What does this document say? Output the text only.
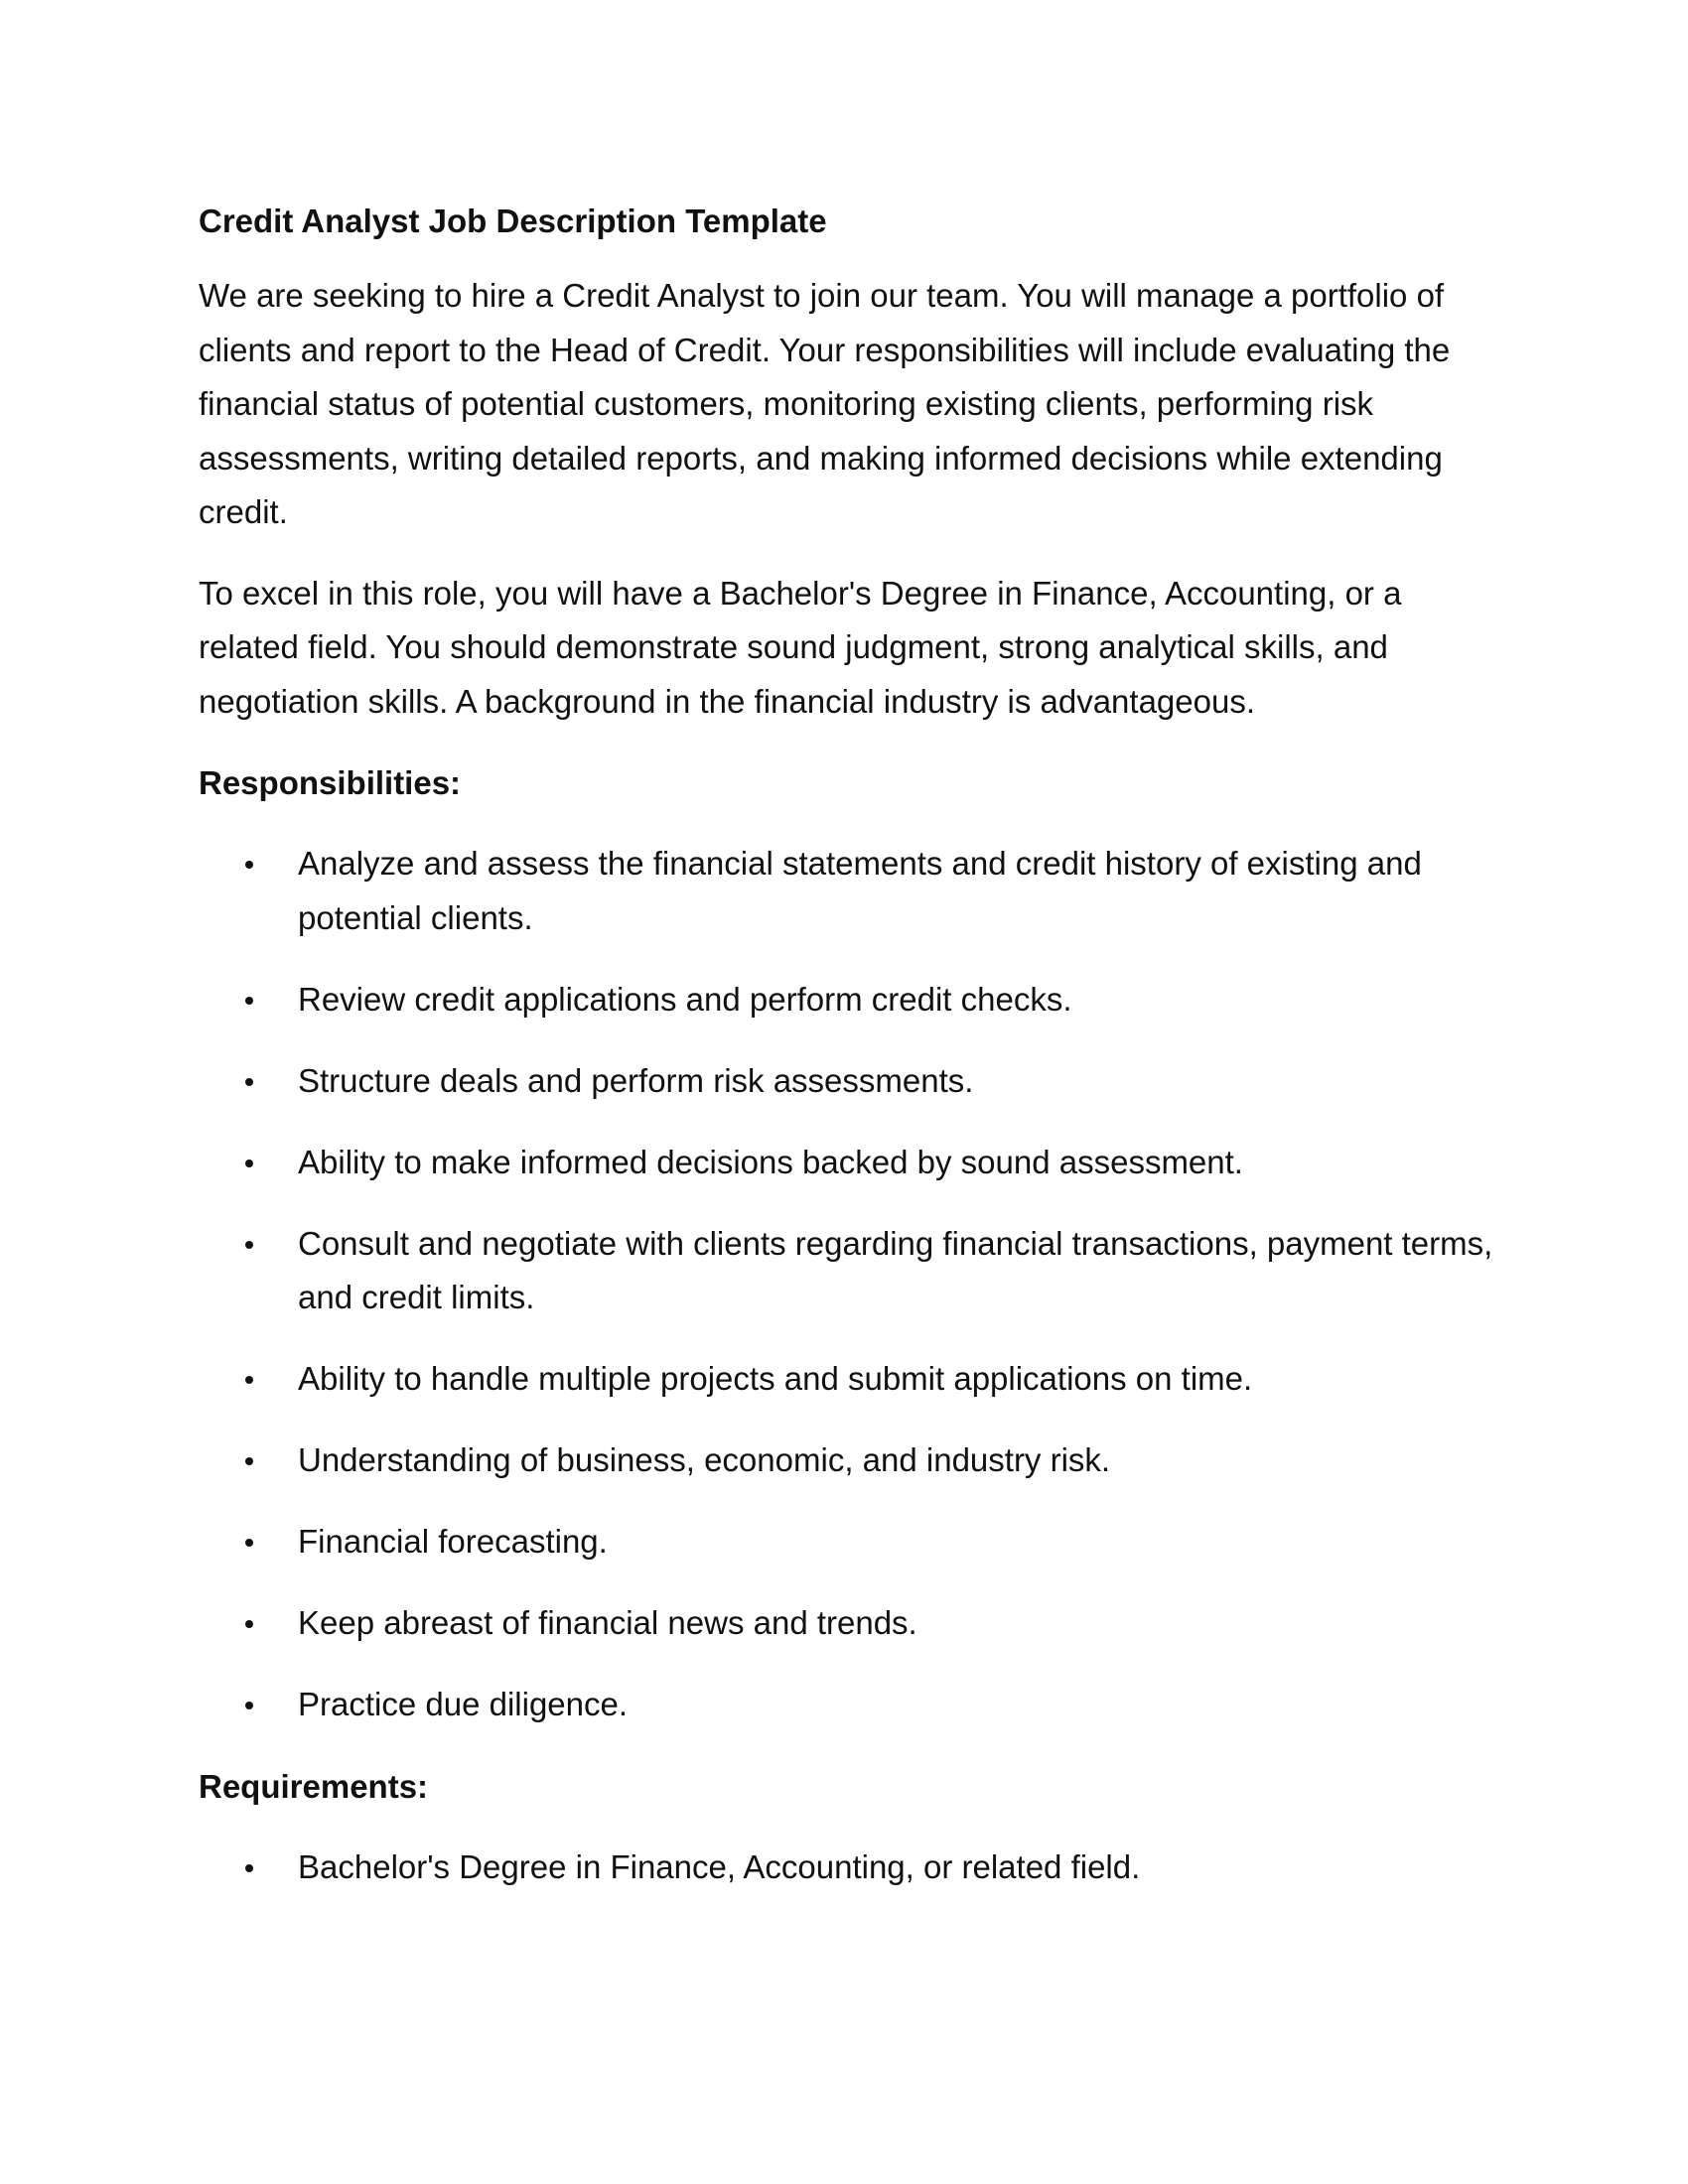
Credit Analyst Job Description Template

We are seeking to hire a Credit Analyst to join our team. You will manage a portfolio of clients and report to the Head of Credit. Your responsibilities will include evaluating the financial status of potential customers, monitoring existing clients, performing risk assessments, writing detailed reports, and making informed decisions while extending credit.

To excel in this role, you will have a Bachelor's Degree in Finance, Accounting, or a related field. You should demonstrate sound judgment, strong analytical skills, and negotiation skills. A background in the financial industry is advantageous.

Responsibilities:
Analyze and assess the financial statements and credit history of existing and potential clients.
Review credit applications and perform credit checks.
Structure deals and perform risk assessments.
Ability to make informed decisions backed by sound assessment.
Consult and negotiate with clients regarding financial transactions, payment terms, and credit limits.
Ability to handle multiple projects and submit applications on time.
Understanding of business, economic, and industry risk.
Financial forecasting.
Keep abreast of financial news and trends.
Practice due diligence.
Requirements:
Bachelor's Degree in Finance, Accounting, or related field.
